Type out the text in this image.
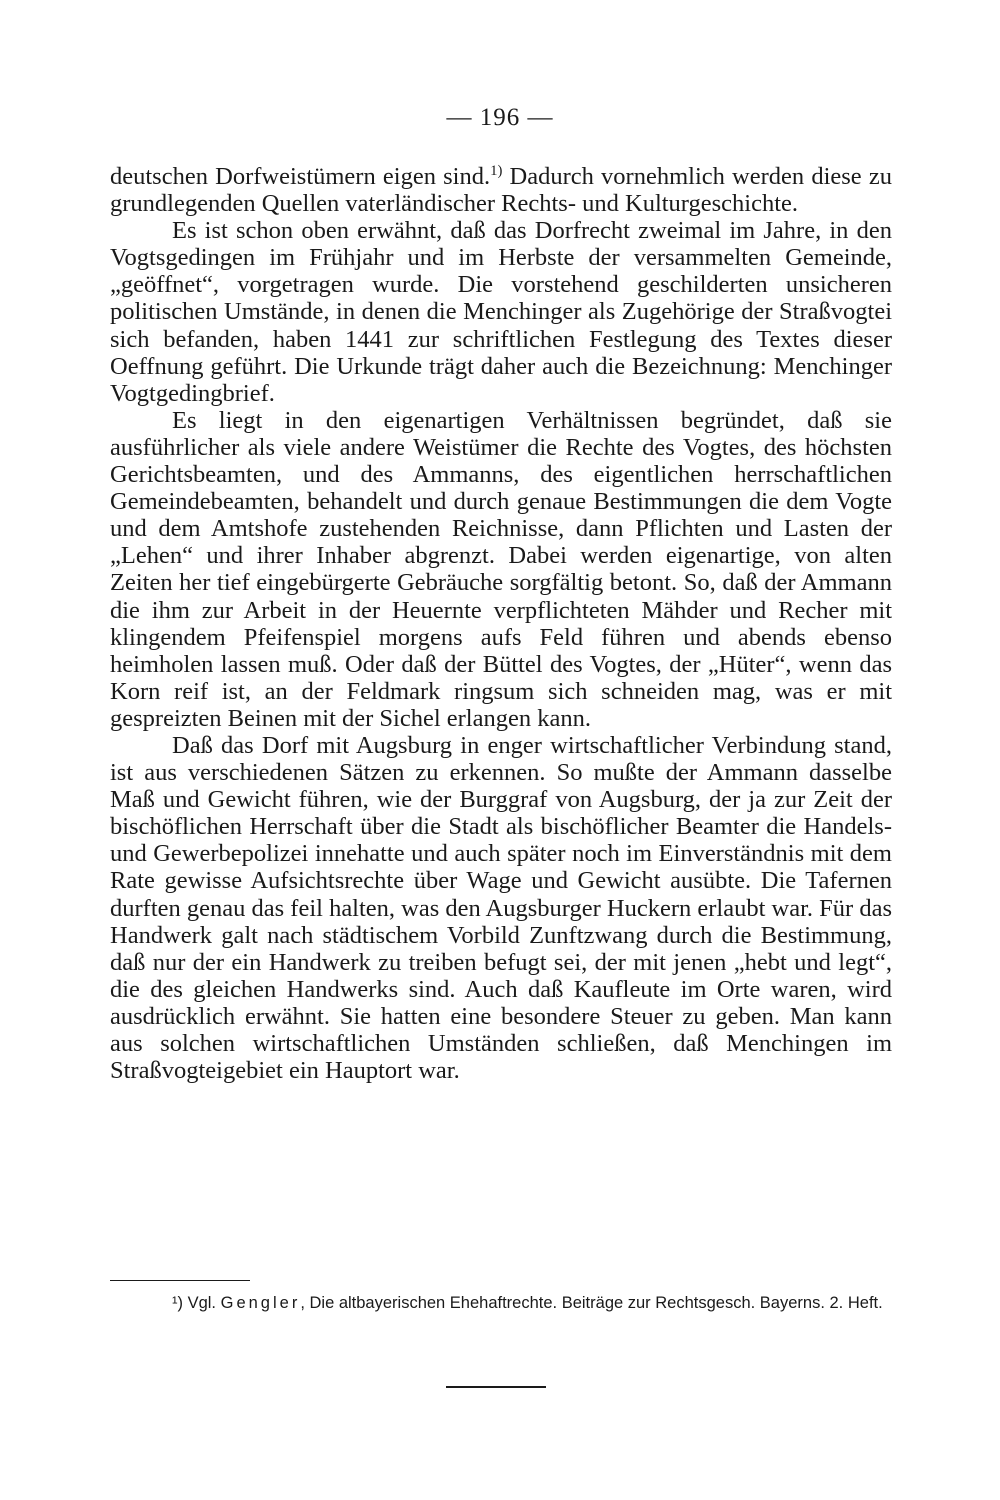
— 196 —

deutschen Dorfweistümern eigen sind.$^{1)}$ Dadurch vornehmlich werden diese zu grundlegenden Quellen vaterländischer Rechts- und Kulturgeschichte.

Es ist schon oben erwähnt, daß das Dorfrecht zweimal im Jahre, in den Vogtsgedingen im Frühjahr und im Herbste der versammelten Gemeinde, „geöffnet“, vorgetragen wurde. Die vorstehend geschilderten unsicheren politischen Umstände, in denen die Menchinger als Zugehörige der Straßvogtei sich befanden, haben 1441 zur schriftlichen Festlegung des Textes dieser Oeffnung geführt. Die Urkunde trägt daher auch die Bezeichnung: Menchinger Vogtgedingbrief.

Es liegt in den eigenartigen Verhältnissen begründet, daß sie ausführlicher als viele andere Weistümer die Rechte des Vogtes, des höchsten Gerichtsbeamten, und des Ammanns, des eigentlichen herrschaftlichen Gemeindebeamten, behandelt und durch genaue Bestimmungen die dem Vogte und dem Amtshofe zustehenden Reichnisse, dann Pflichten und Lasten der „Lehen“ und ihrer Inhaber abgrenzt. Dabei werden eigenartige, von alten Zeiten her tief eingebürgerte Gebräuche sorgfältig betont. So, daß der Ammann die ihm zur Arbeit in der Heuernte verpflichteten Mähder und Recher mit klingendem Pfeifenspiel morgens aufs Feld führen und abends ebenso heimholen lassen muß. Oder daß der Büttel des Vogtes, der „Hüter“, wenn das Korn reif ist, an der Feldmark ringsum sich schneiden mag, was er mit gespreizten Beinen mit der Sichel erlangen kann.

Daß das Dorf mit Augsburg in enger wirtschaftlicher Verbindung stand, ist aus verschiedenen Sätzen zu erkennen. So mußte der Ammann dasselbe Maß und Gewicht führen, wie der Burggraf von Augsburg, der ja zur Zeit der bischöflichen Herrschaft über die Stadt als bischöflicher Beamter die Handels- und Gewerbepolizei innehatte und auch später noch im Einverständnis mit dem Rate gewisse Aufsichtsrechte über Wage und Gewicht ausübte. Die Tafernen durften genau das feil halten, was den Augsburger Huckern erlaubt war. Für das Handwerk galt nach städtischem Vorbild Zunftzwang durch die Bestimmung, daß nur der ein Handwerk zu treiben befugt sei, der mit jenen „hebt und legt“, die des gleichen Handwerks sind. Auch daß Kaufleute im Orte waren, wird ausdrücklich erwähnt. Sie hatten eine besondere Steuer zu geben. Man kann aus solchen wirtschaftlichen Umständen schließen, daß Menchingen im Straßvogteigebiet ein Hauptort war.

¹) Vgl. Gengler, Die altbayerischen Ehehaftrechte. Beiträge zur Rechtsgesch. Bayerns. 2. Heft.
